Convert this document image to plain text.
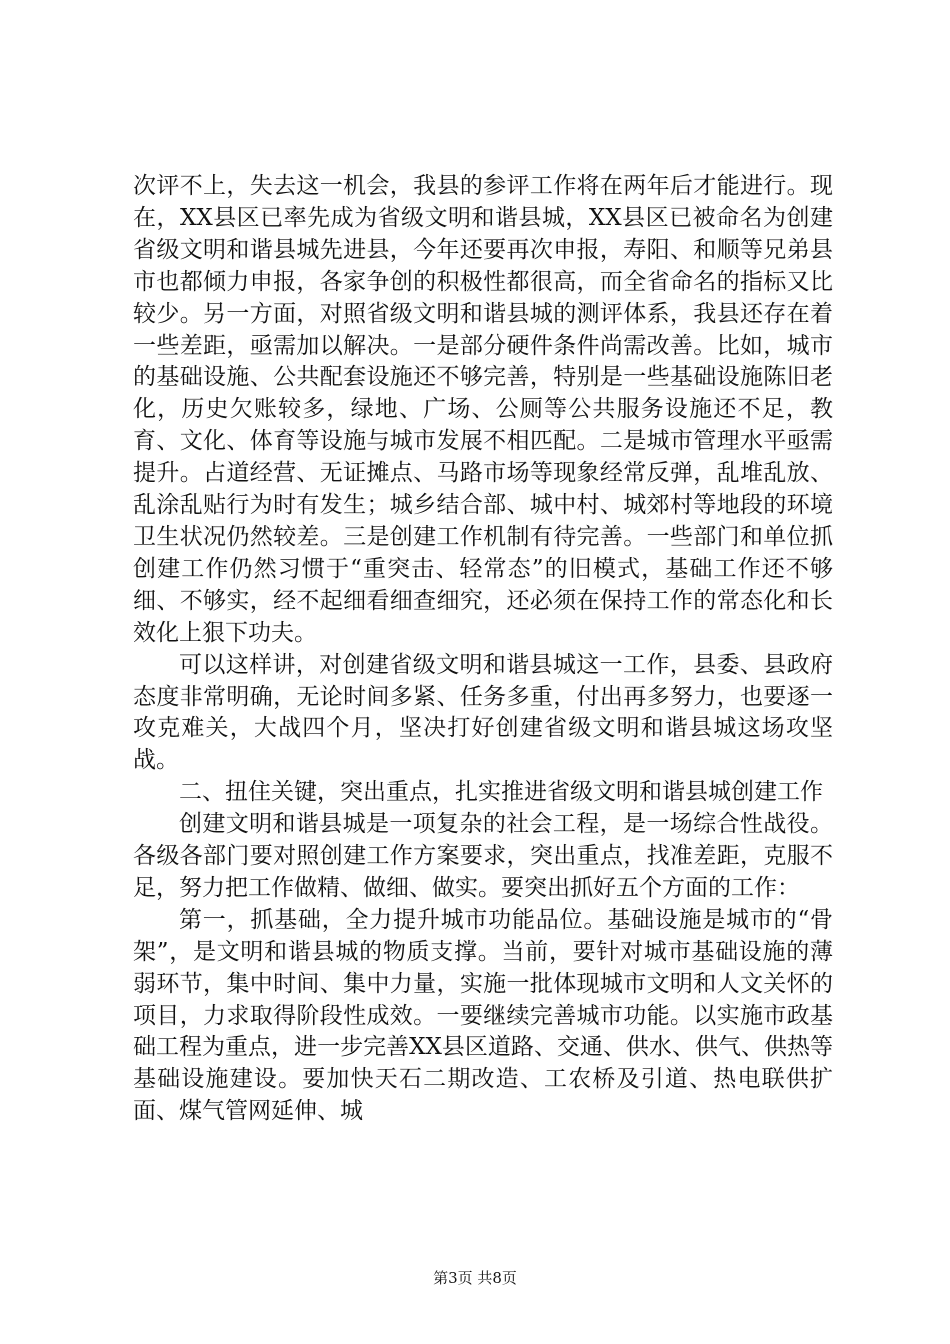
次评不上，失去这一机会，我县的参评工作将在两年后才能进行。现在，XX县区已率先成为省级文明和谐县城，XX县区已被命名为创建省级文明和谐县城先进县，今年还要再次申报，寿阳、和顺等兄弟县市也都倾力申报，各家争创的积极性都很高，而全省命名的指标又比较少。另一方面，对照省级文明和谐县城的测评体系，我县还存在着一些差距，亟需加以解决。一是部分硬件条件尚需改善。比如，城市的基础设施、公共配套设施还不够完善，特别是一些基础设施陈旧老化，历史欠账较多，绿地、广场、公厕等公共服务设施还不足，教育、文化、体育等设施与城市发展不相匹配。二是城市管理水平亟需提升。占道经营、无证摊点、马路市场等现象经常反弹，乱堆乱放、乱涂乱贴行为时有发生；城乡结合部、城中村、城郊村等地段的环境卫生状况仍然较差。三是创建工作机制有待完善。一些部门和单位抓创建工作仍然习惯于“重突击、轻常态”的旧模式，基础工作还不够细、不够实，经不起细看细查细究，还必须在保持工作的常态化和长效化上狠下功夫。

可以这样讲，对创建省级文明和谐县城这一工作，县委、县政府态度非常明确，无论时间多紧、任务多重，付出再多努力，也要逐一攻克难关，大战四个月，坚决打好创建省级文明和谐县城这场攻坚战。

二、扭住关键，突出重点，扎实推进省级文明和谐县城创建工作

创建文明和谐县城是一项复杂的社会工程，是一场综合性战役。各级各部门要对照创建工作方案要求，突出重点，找准差距，克服不足，努力把工作做精、做细、做实。要突出抓好五个方面的工作：

第一，抓基础，全力提升城市功能品位。基础设施是城市的“骨架”，是文明和谐县城的物质支撑。当前，要针对城市基础设施的薄弱环节，集中时间、集中力量，实施一批体现城市文明和人文关怀的项目，力求取得阶段性成效。一要继续完善城市功能。以实施市政基础工程为重点，进一步完善XX县区道路、交通、供水、供气、供热等基础设施建设。要加快天石二期改造、工农桥及引道、热电联供扩面、煤气管网延伸、城

第3页 共8页
